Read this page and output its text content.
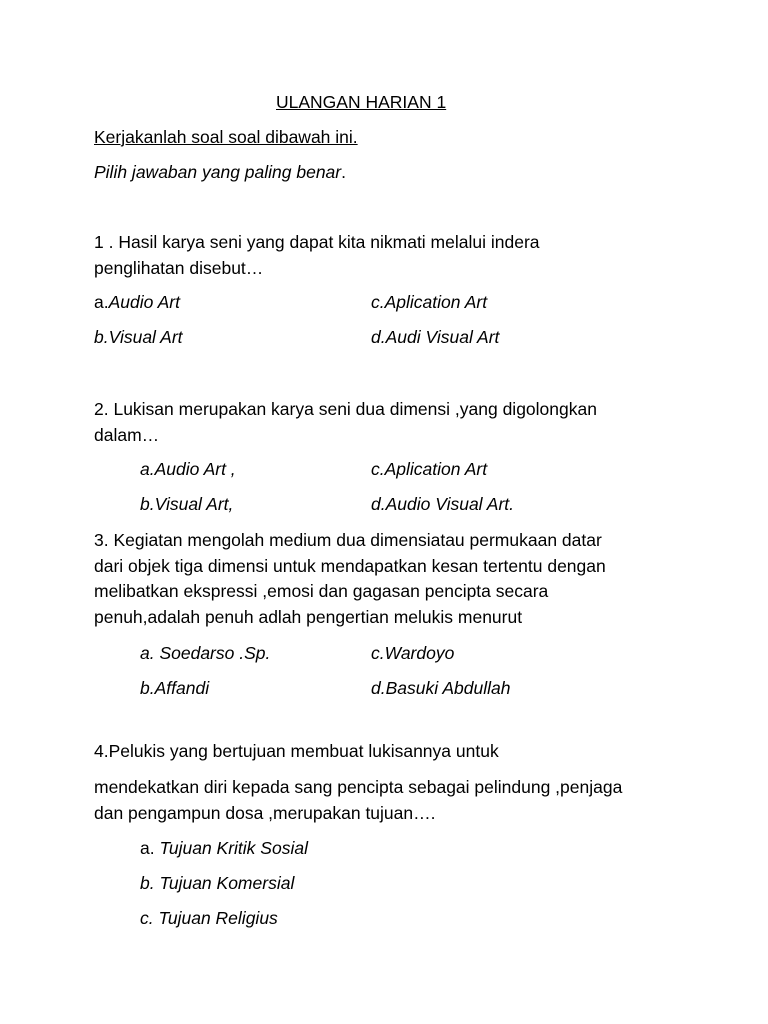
ULANGAN HARIAN 1

Kerjakanlah soal soal dibawah ini.

Pilih jawaban yang paling benar.

1 . Hasil karya seni yang dapat kita nikmati melalui indera

penglihatan disebut…

a.Audio Art	c.Aplication Art

b.Visual Art	d.Audi Visual Art

2. Lukisan merupakan karya seni dua dimensi ,yang digolongkan

dalam…

a.Audio Art ,	c.Aplication Art

b.Visual Art,	d.Audio Visual Art.

3. Kegiatan mengolah medium dua dimensiatau permukaan datar

dari objek tiga dimensi untuk mendapatkan kesan tertentu dengan

melibatkan ekspressi ,emosi dan gagasan pencipta secara

penuh,adalah penuh adlah pengertian melukis menurut

a. Soedarso .Sp.	c.Wardoyo

b.Affandi	d.Basuki Abdullah

4.Pelukis yang bertujuan membuat lukisannya untuk

mendekatkan diri kepada sang pencipta sebagai pelindung ,penjaga

dan pengampun dosa ,merupakan tujuan….

a. Tujuan Kritik Sosial

b. Tujuan Komersial

c. Tujuan Religius
